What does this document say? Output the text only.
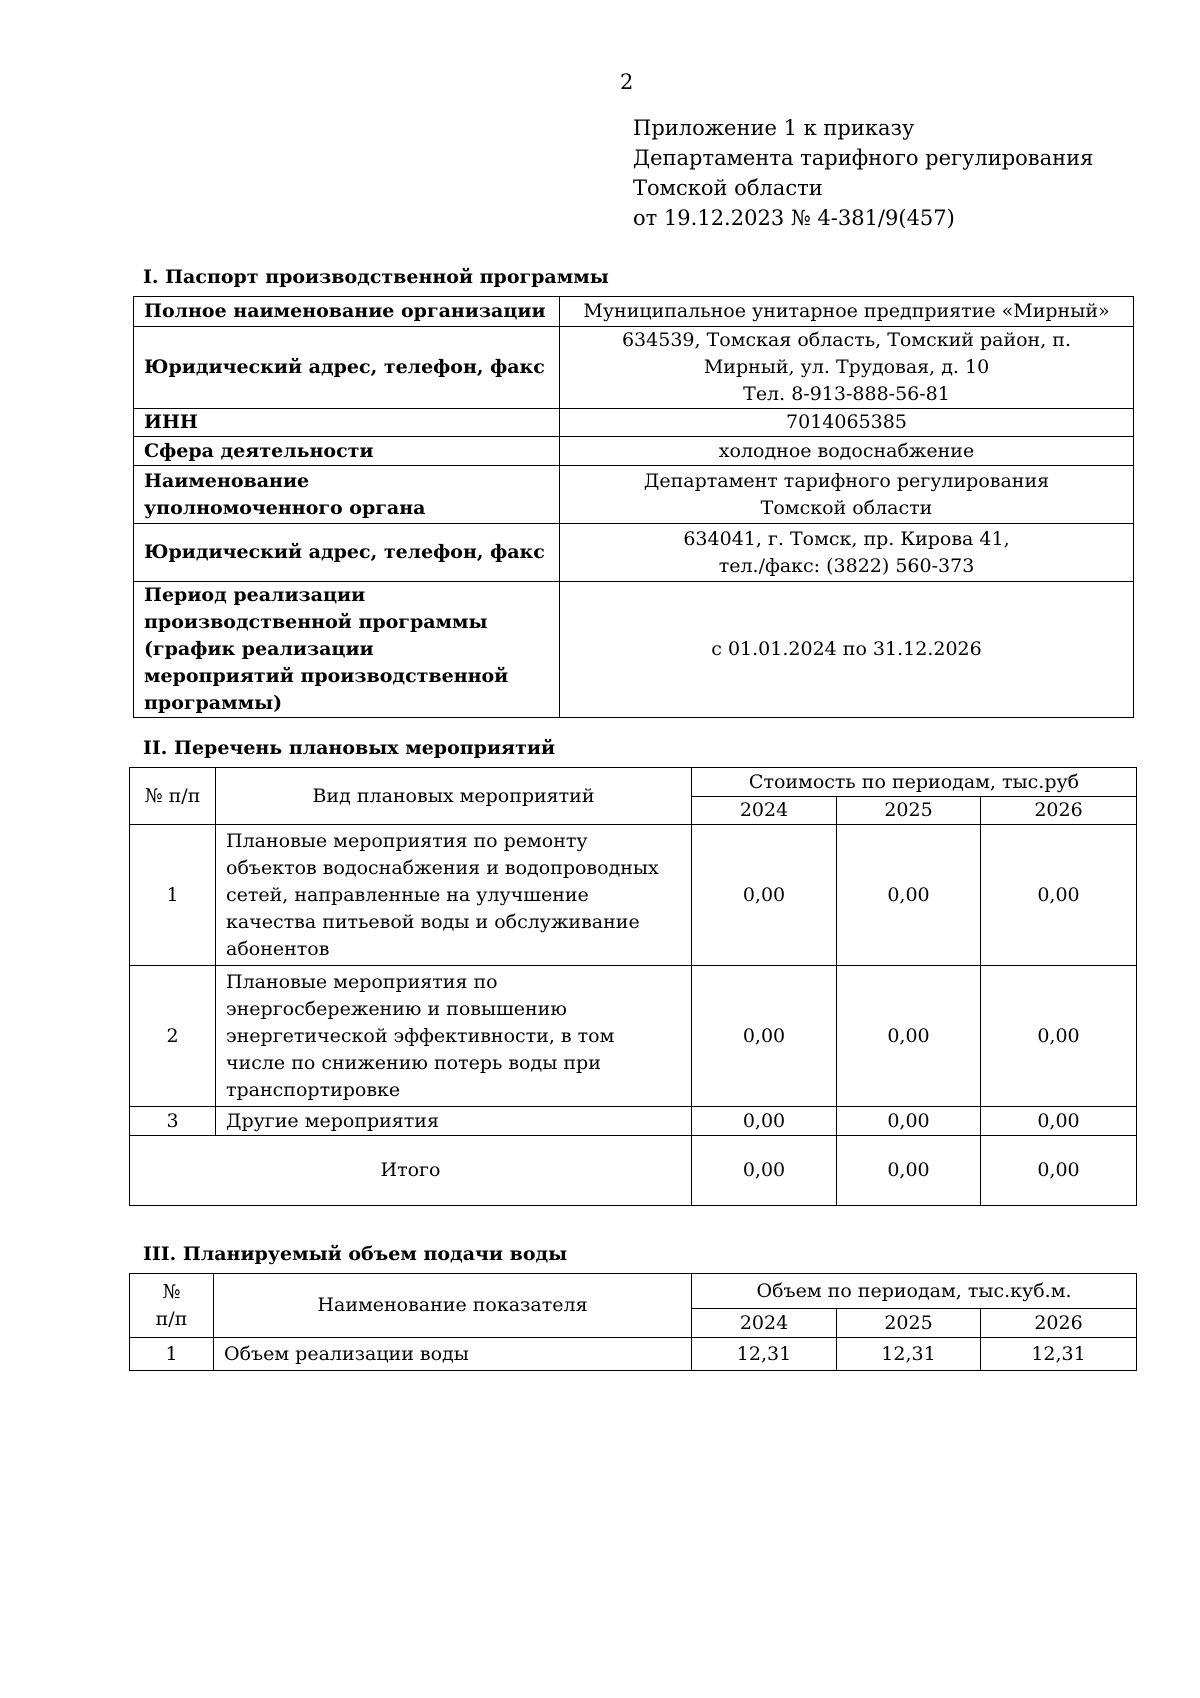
2
Приложение 1 к приказу
Департамента тарифного регулирования
Томской области
от 19.12.2023 № 4-381/9(457)
I. Паспорт производственной программы
Полное наименование организации	Муниципальное унитарное предприятие «Мирный»
Юридический адрес, телефон, факс	634539, Томская область, Томский район, п. Мирный, ул. Трудовая, д. 10
Тел. 8-913-888-56-81
ИНН	7014065385
Сфера деятельности	холодное водоснабжение
Наименование уполномоченного органа	Департамент тарифного регулирования Томской области
Юридический адрес, телефон, факс	634041, г. Томск, пр. Кирова 41,
тел./факс: (3822) 560-373
Период реализации производственной программы (график реализации мероприятий производственной программы)	с 01.01.2024 по 31.12.2026
II. Перечень плановых мероприятий
№ п/п	Вид плановых мероприятий	Стоимость по периодам, тыс.руб		
		2024	2025	2026
1	Плановые мероприятия по ремонту объектов водоснабжения и водопроводных сетей, направленные на улучшение качества питьевой воды и обслуживание абонентов	0,00	0,00	0,00
2	Плановые мероприятия по энергосбережению и повышению энергетической эффективности, в том числе по снижению потерь воды при транспортировке	0,00	0,00	0,00
3	Другие мероприятия	0,00	0,00	0,00
Итого		0,00	0,00	0,00
III. Планируемый объем подачи воды
№
п/п	Наименование показателя	Объем по периодам, тыс.куб.м.		
		2024	2025	2026
1	Объем реализации воды	12,31	12,31	12,31
